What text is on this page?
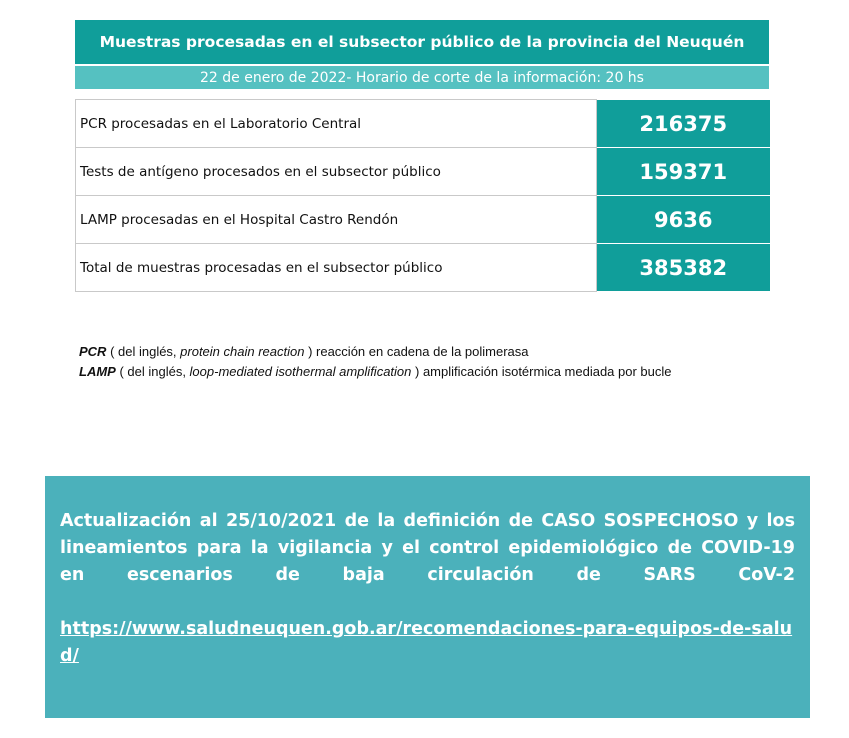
Muestras procesadas en el subsector público de la provincia del Neuquén
22 de enero de 2022- Horario de corte de la información: 20 hs
PCR procesadas en el Laboratorio Central	216375
Tests de antígeno procesados en el subsector público	159371
LAMP procesadas en el Hospital Castro Rendón	9636
Total de muestras procesadas en el subsector público	385382
PCR ( del inglés, protein chain reaction ) reacción en cadena de la polimerasa
LAMP ( del inglés, loop-mediated isothermal amplification ) amplificación isotérmica mediada por bucle

Actualización al 25/10/2021 de la definición de CASO SOSPECHOSO y los lineamientos para la vigilancia y el control epidemiológico de COVID-19 en escenarios de baja circulación de SARS CoV-2

https://www.saludneuquen.gob.ar/recomendaciones-para-equipos-de-salud/
